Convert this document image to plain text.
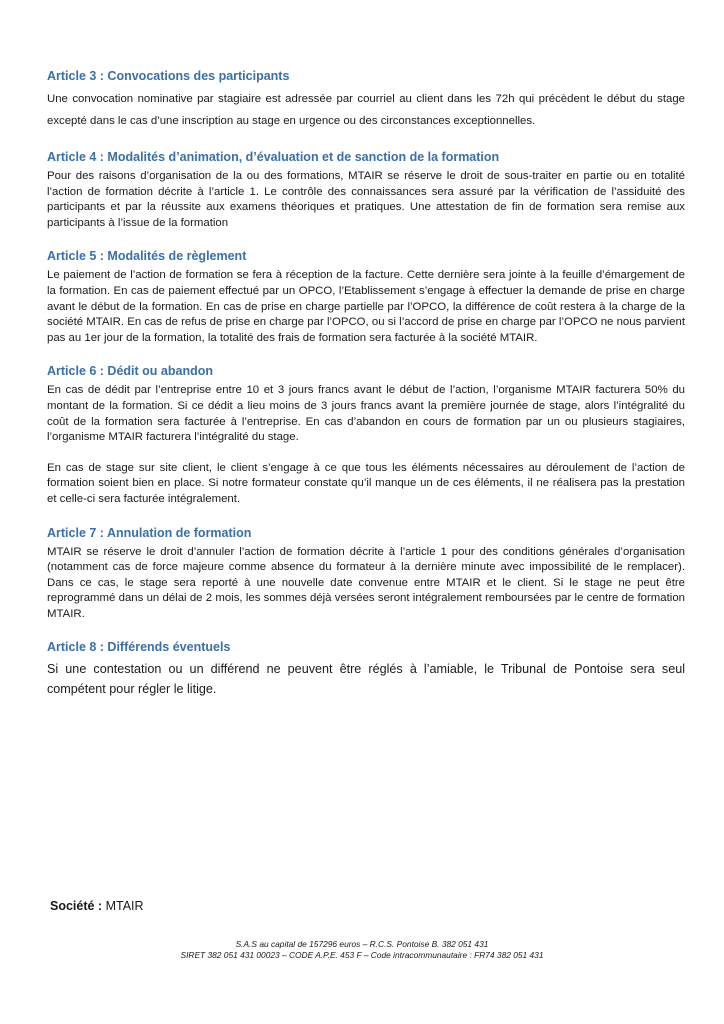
Article 3 : Convocations des participants

Une convocation nominative par stagiaire est adressée par courriel au client dans les 72h qui précèdent le début du stage excepté dans le cas d’une inscription au stage en urgence ou des circonstances exceptionnelles.

Article 4 : Modalités d’animation, d’évaluation et de sanction de la formation

Pour des raisons d’organisation de la ou des formations, MTAIR se réserve le droit de sous-traiter en partie ou en totalité l’action de formation décrite à l’article 1. Le contrôle des connaissances sera assuré par la vérification de l’assiduité des participants et par la réussite aux examens théoriques et pratiques. Une attestation de fin de formation sera remise aux participants à l’issue de la formation

Article 5 : Modalités de règlement

Le paiement de l’action de formation se fera à réception de la facture. Cette dernière sera jointe à la feuille d’émargement de la formation. En cas de paiement effectué par un OPCO, l’Etablissement s’engage à effectuer la demande de prise en charge avant le début de la formation. En cas de prise en charge partielle par l’OPCO, la différence de coût restera à la charge de la société MTAIR. En cas de refus de prise en charge par l’OPCO, ou si l’accord de prise en charge par l’OPCO ne nous parvient pas au 1er jour de la formation, la totalité des frais de formation sera facturée à la société MTAIR.

Article 6 : Dédit ou abandon

En cas de dédit par l’entreprise entre 10 et 3 jours francs avant le début de l’action, l’organisme MTAIR facturera 50% du montant de la formation. Si ce dédit a lieu moins de 3 jours francs avant la première journée de stage, alors l’intégralité du coût de la formation sera facturée à l’entreprise. En cas d’abandon en cours de formation par un ou plusieurs stagiaires, l’organisme MTAIR facturera l’intégralité du stage.

En cas de stage sur site client, le client s’engage à ce que tous les éléments nécessaires au déroulement de l’action de formation soient bien en place. Si notre formateur constate qu’il manque un de ces éléments, il ne réalisera pas la prestation et celle-ci sera facturée intégralement.

Article 7 : Annulation de formation

MTAIR se réserve le droit d’annuler l’action de formation décrite à l’article 1 pour des conditions générales d’organisation (notamment cas de force majeure comme absence du formateur à la dernière minute avec impossibilité de le remplacer). Dans ce cas, le stage sera reporté à une nouvelle date convenue entre MTAIR et le client. Si le stage ne peut être reprogrammé dans un délai de 2 mois, les sommes déjà versées seront intégralement remboursées par le centre de formation MTAIR.

Article 8 : Différends éventuels

Si une contestation ou un différend ne peuvent être réglés à l’amiable, le Tribunal de Pontoise sera seul compétent pour régler le litige.

Société : MTAIR
S.A.S au capital de 157296 euros – R.C.S. Pontoise B. 382 051 431
SIRET 382 051 431 00023 – CODE A.P.E. 453 F – Code intracommunautaire : FR74 382 051 431
